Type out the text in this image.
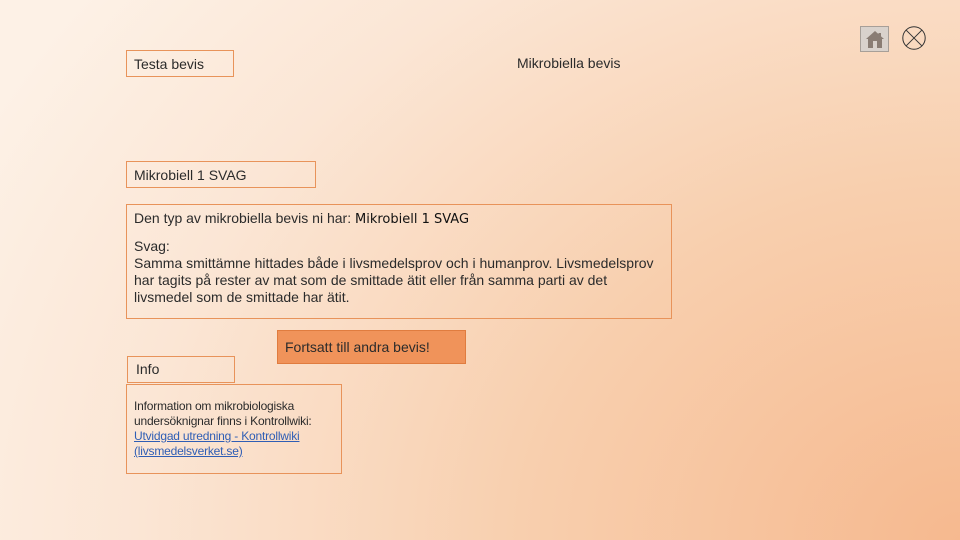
Testa bevis	Mikrobiella bevis
Mikrobiell 1 SVAG
Den typ av mikrobiella bevis ni har: Mikrobiell 1 SVAG
Svag:
Samma smittämne hittades både i livsmedelsprov och i humanprov. Livsmedelsprov har tagits på rester av mat som de smittade ätit eller från samma parti av det livsmedel som de smittade har ätit.
Fortsatt till andra bevis!
Info
Information om mikrobiologiska undersöknignar finns i Kontrollwiki: Utvidgad utredning - Kontrollwiki (livsmedelsverket.se)
